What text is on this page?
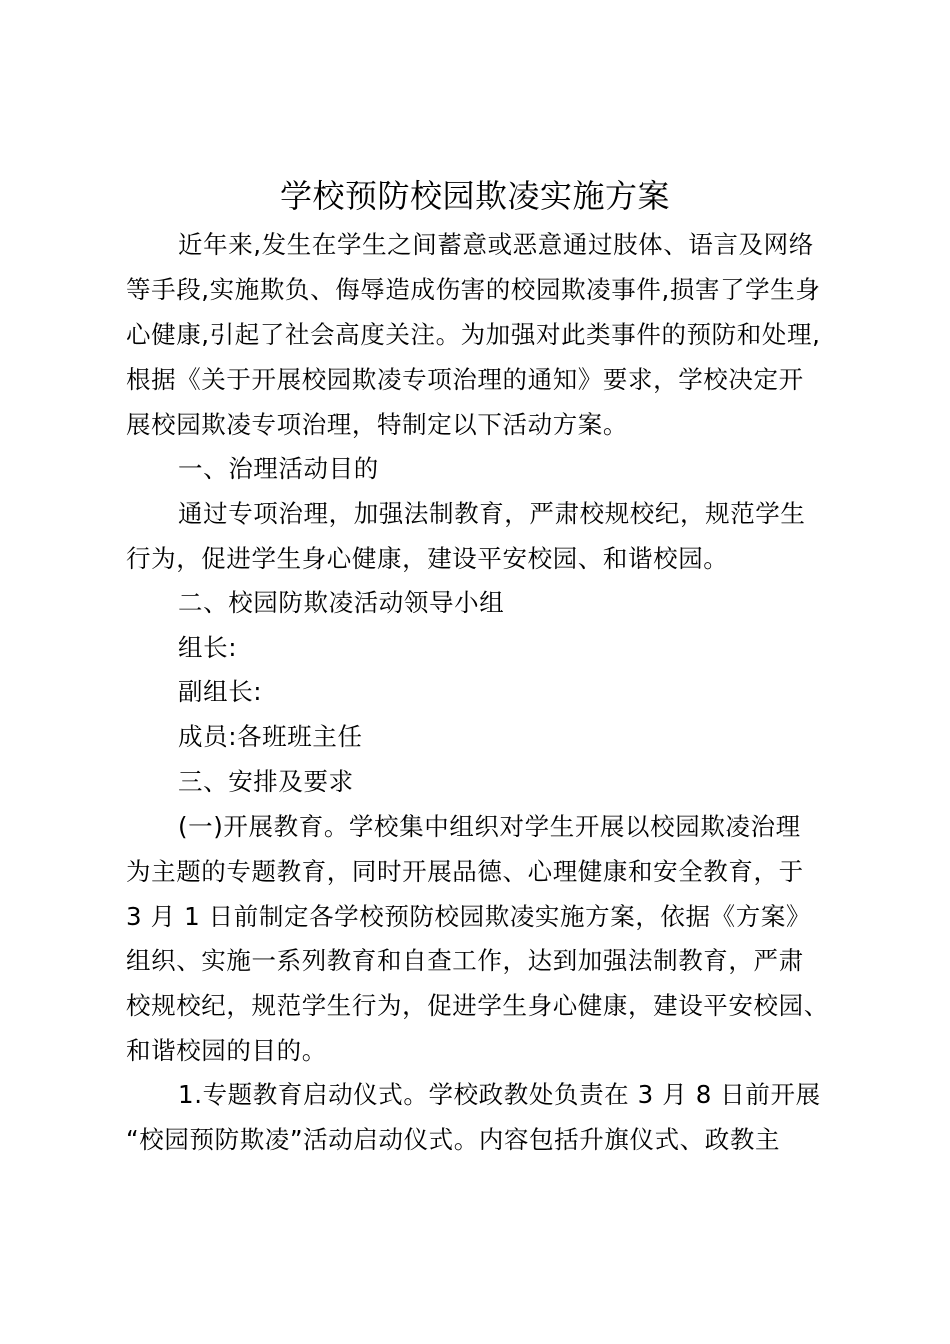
学校预防校园欺凌实施方案
近年来,发生在学生之间蓄意或恶意通过肢体、语言及网络
等手段,实施欺负、侮辱造成伤害的校园欺凌事件,损害了学生身
心健康,引起了社会高度关注。为加强对此类事件的预防和处理,
根据《关于开展校园欺凌专项治理的通知》要求，学校决定开
展校园欺凌专项治理，特制定以下活动方案。
一、治理活动目的
通过专项治理，加强法制教育，严肃校规校纪，规范学生
行为，促进学生身心健康，建设平安校园、和谐校园。
二、校园防欺凌活动领导小组
组长:
副组长:
成员:各班班主任
三、安排及要求
(一)开展教育。学校集中组织对学生开展以校园欺凌治理
为主题的专题教育，同时开展品德、心理健康和安全教育，于
3 月 1 日前制定各学校预防校园欺凌实施方案，依据《方案》
组织、实施一系列教育和自查工作，达到加强法制教育，严肃
校规校纪，规范学生行为，促进学生身心健康，建设平安校园、
和谐校园的目的。
1.专题教育启动仪式。学校政教处负责在 3 月 8 日前开展
“校园预防欺凌”活动启动仪式。内容包括升旗仪式、政教主
